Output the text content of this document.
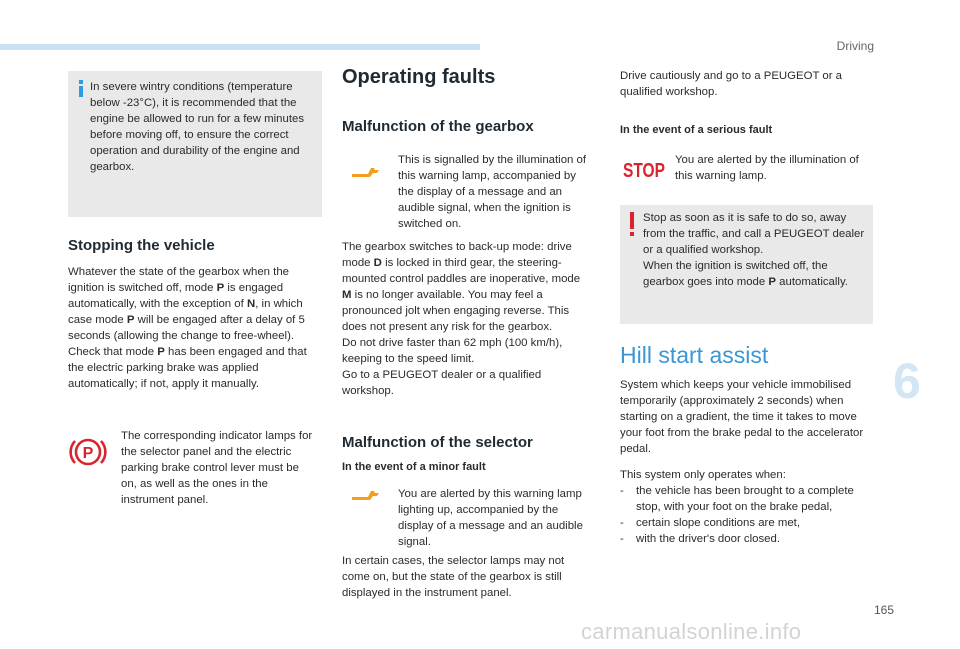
Driving

In severe wintry conditions (temperature below -23°C), it is recommended that the engine be allowed to run for a few minutes before moving off, to ensure the correct operation and durability of the engine and gearbox.

Stopping the vehicle

Whatever the state of the gearbox when the ignition is switched off, mode P is engaged automatically, with the exception of N, in which case mode P will be engaged after a delay of 5 seconds (allowing the change to free-wheel).

Check that mode P has been engaged and that the electric parking brake was applied automatically; if not, apply it manually.

P

The corresponding indicator lamps for the selector panel and the electric parking brake control lever must be on, as well as the ones in the instrument panel.

Operating faults
Malfunction of the gearbox

This is signalled by the illumination of this warning lamp, accompanied by the display of a message and an audible signal, when the ignition is switched on.

The gearbox switches to back-up mode: drive mode D is locked in third gear, the steering-mounted control paddles are inoperative, mode M is no longer available. You may feel a pronounced jolt when engaging reverse. This does not present any risk for the gearbox.

Do not drive faster than 62 mph (100 km/h), keeping to the speed limit.

Go to a PEUGEOT dealer or a qualified workshop.

Malfunction of the selector
In the event of a minor fault

You are alerted by this warning lamp lighting up, accompanied by the display of a message and an audible signal.

In certain cases, the selector lamps may not come on, but the state of the gearbox is still displayed in the instrument panel.

Drive cautiously and go to a PEUGEOT or a qualified workshop.

In the event of a serious fault
STOP You are alerted by the illumination of this warning lamp.

Stop as soon as it is safe to do so, away from the traffic, and call a PEUGEOT dealer or a qualified workshop.

When the ignition is switched off, the gearbox goes into mode P automatically.

Hill start assist

System which keeps your vehicle immobilised temporarily (approximately 2 seconds) when starting on a gradient, the time it takes to move your foot from the brake pedal to the accelerator pedal.

This system only operates when:

- the vehicle has been brought to a complete stop, with your foot on the brake pedal,
- certain slope conditions are met,
- with the driver's door closed.
6
165
carmanualsonline.info
